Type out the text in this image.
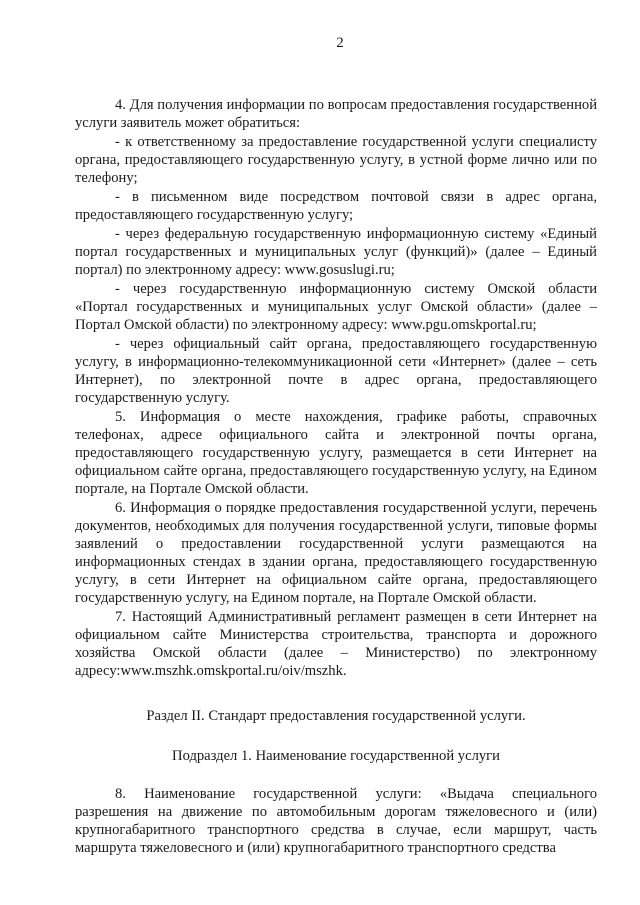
2

4. Для получения информации по вопросам предоставления государственной услуги заявитель может обратиться:

- к ответственному за предоставление государственной услуги специалисту органа, предоставляющего государственную услугу, в устной форме лично или по телефону;

- в письменном виде посредством почтовой связи в адрес органа, предоставляющего государственную услугу;

- через федеральную государственную информационную систему «Единый портал государственных и муниципальных услуг (функций)» (далее – Единый портал) по электронному адресу: www.gosuslugi.ru;

- через государственную информационную систему Омской области «Портал государственных и муниципальных услуг Омской области» (далее – Портал Омской области) по электронному адресу: www.pgu.omskportal.ru;

- через официальный сайт органа, предоставляющего государственную услугу, в информационно-телекоммуникационной сети «Интернет» (далее – сеть Интернет), по электронной почте в адрес органа, предоставляющего государственную услугу.

5. Информация о месте нахождения, графике работы, справочных телефонах, адресе официального сайта и электронной почты органа, предоставляющего государственную услугу, размещается в сети Интернет на официальном сайте органа, предоставляющего государственную услугу, на Едином портале, на Портале Омской области.

6. Информация о порядке предоставления государственной услуги, перечень документов, необходимых для получения государственной услуги, типовые формы заявлений о предоставлении государственной услуги размещаются на информационных стендах в здании органа, предоставляющего государственную услугу, в сети Интернет на официальном сайте органа, предоставляющего государственную услугу, на Едином портале, на Портале Омской области.

7. Настоящий Административный регламент размещен в сети Интернет на официальном сайте Министерства строительства, транспорта и дорожного хозяйства Омской области (далее – Министерство) по электронному адресу:www.mszhk.omskportal.ru/oiv/mszhk.

Раздел II. Стандарт предоставления государственной услуги.
Подраздел 1. Наименование государственной услуги

8. Наименование государственной услуги: «Выдача специального разрешения на движение по автомобильным дорогам тяжеловесного и (или) крупногабаритного транспортного средства в случае, если маршрут, часть маршрута тяжеловесного и (или) крупногабаритного транспортного средства
